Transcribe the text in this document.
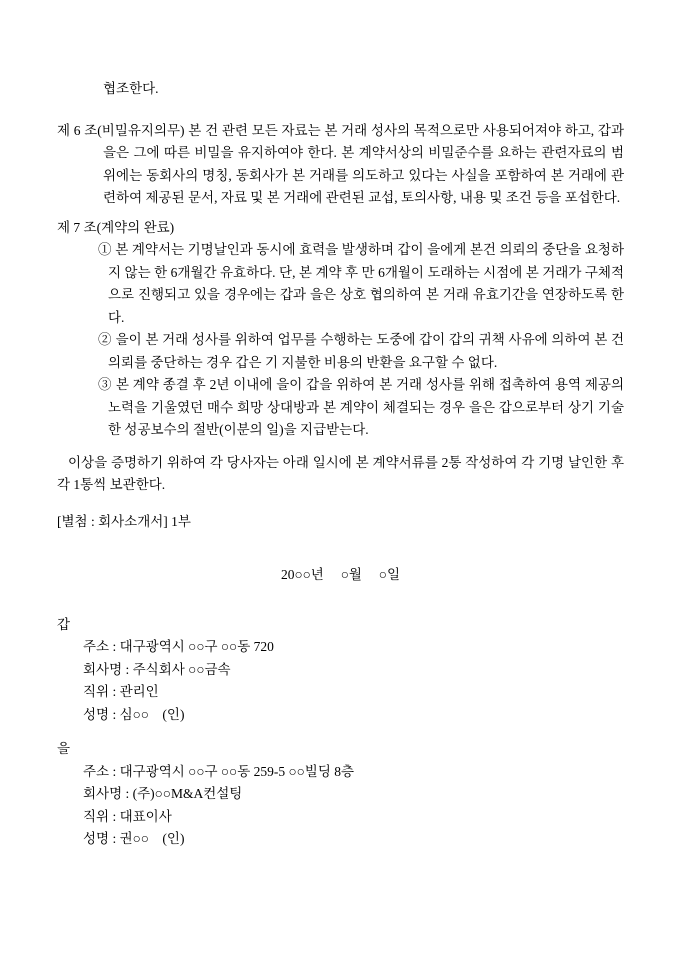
협조한다.

제 6 조(비밀유지의무) 본 건 관련 모든 자료는 본 거래 성사의 목적으로만 사용되어져야 하고, 갑과 을은 그에 따른 비밀을 유지하여야 한다. 본 계약서상의 비밀준수를 요하는 관련자료의 범위에는 동회사의 명칭, 동회사가 본 거래를 의도하고 있다는 사실을 포함하여 본 거래에 관련하여 제공된 문서, 자료 및 본 거래에 관련된 교섭, 토의사항, 내용 및 조건 등을 포섭한다.

제 7 조(계약의 완료)

① 본 계약서는 기명날인과 동시에 효력을 발생하며 갑이 을에게 본건 의뢰의 중단을 요청하지 않는 한 6개월간 유효하다. 단, 본 계약 후 만 6개월이 도래하는 시점에 본 거래가 구체적으로 진행되고 있을 경우에는 갑과 을은 상호 협의하여 본 거래 유효기간을 연장하도록 한다.

② 을이 본 거래 성사를 위하여 업무를 수행하는 도중에 갑이 갑의 귀책 사유에 의하여 본 건 의뢰를 중단하는 경우 갑은 기 지불한 비용의 반환을 요구할 수 없다.

③ 본 계약 종결 후 2년 이내에 을이 갑을 위하여 본 거래 성사를 위해 접촉하여 용역 제공의 노력을 기울였던 매수 희망 상대방과 본 계약이 체결되는 경우 을은 갑으로부터 상기 기술한 성공보수의 절반(이분의 일)을 지급받는다.

이상을 증명하기 위하여 각 당사자는 아래 일시에 본 계약서류를 2통 작성하여 각 기명 날인한 후 각 1통씩 보관한다.

[별첨 : 회사소개서] 1부

20○○년     ○월     ○일

갑

주소 : 대구광역시 ○○구 ○○동 720

회사명 : 주식회사 ○○금속

직위 : 관리인

성명 : 심○○    (인)

을

주소 : 대구광역시 ○○구 ○○동 259-5 ○○빌딩 8층

회사명 : (주)○○M&A컨설팅

직위 : 대표이사

성명 : 권○○    (인)
